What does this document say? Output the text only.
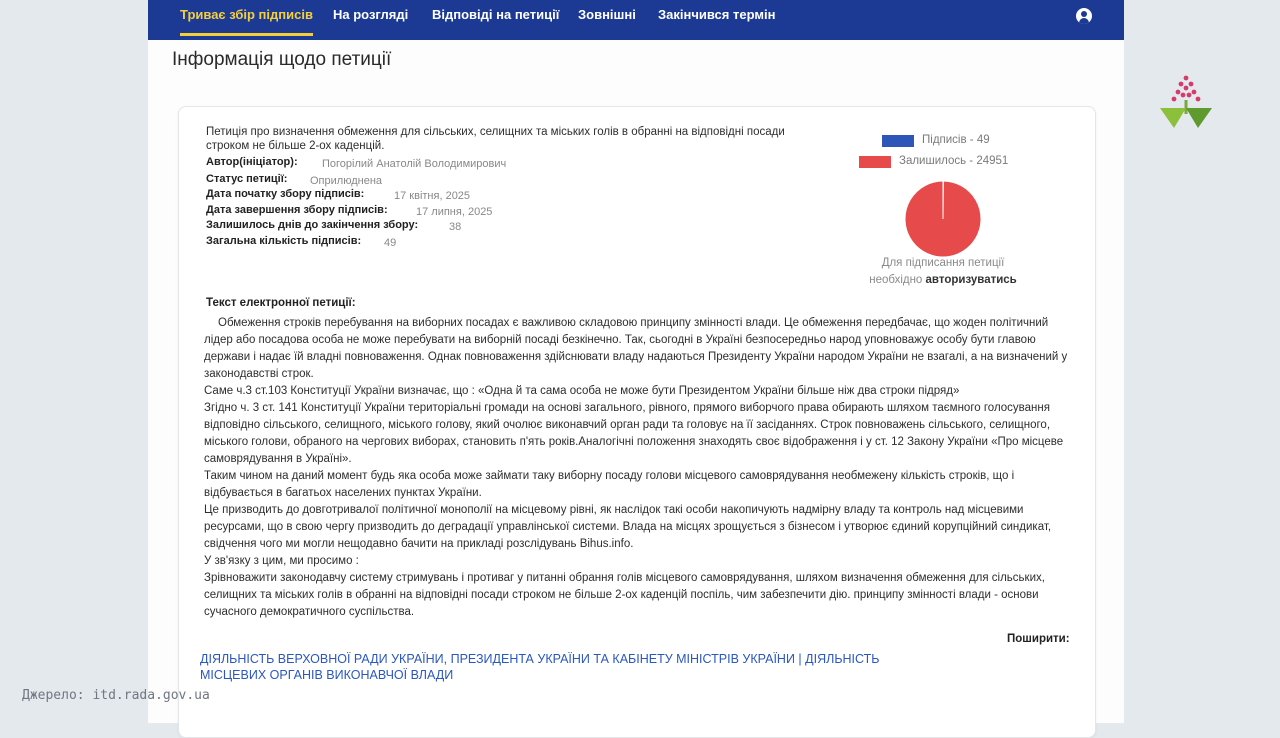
Триває збір підписів На розгляді Відповіді на петиції Зовнішні Закінчився термін
Інформація щодо петиції
Петиція про визначення обмеження для сільських, селищних та міських голів в обранні на відповідні посади строком не більше 2-ох каденцій.
Автор(ініціатор): Погорілий Анатолій Володимирович
Статус петиції: Оприлюднена
Дата початку збору підписів:	17 квітня, 2025
Дата завершення збору підписів:	17 липня, 2025
Залишилось днів до закінчення збору:	38
Загальна кількість підписів: 49
Підписів - 49
Залишилось - 24951
Для підписання петиції необхідно авторизуватись
Текст електронної петиції:

Обмеження строків перебування на виборних посадах є важливою складовою принципу змінності влади. Це обмеження передбачає, що жоден політичний лідер або посадова особа не може перебувати на виборній посаді безкінечно. Так, сьогодні в Україні безпосередньо народ уповноважує особу бути главою держави і надає їй владні повноваження. Однак повноваження здійснювати владу надаються Президенту України народом України не взагалі, а на визначений у законодавстві строк.

Саме ч.3 ст.103 Конституції України визначає, що : «Одна й та сама особа не може бути Президентом України більше ніж два строки підряд»

Згідно ч. 3 ст. 141 Конституції України територіальні громади на основі загального, рівного, прямого виборчого права обирають шляхом таємного голосування відповідно сільського, селищного, міського голову, який очолює виконавчий орган ради та головує на її засіданнях. Строк повноважень сільського, селищного, міського голови, обраного на чергових виборах, становить п'ять років.Аналогічні положення знаходять своє відображення і у ст. 12 Закону України «Про місцеве самоврядування в Україні».

Таким чином на даний момент будь яка особа може займати таку виборну посаду голови місцевого самоврядування необмежену кількість строків, що і відбувається в багатьох населених пунктах України.

Це призводить до довготривалої політичної монополії на місцевому рівні, як наслідок такі особи накопичують надмірну владу та контроль над місцевими ресурсами, що в свою чергу призводить до деградації управлінської системи. Влада на місцях зрощується з бізнесом і утворює єдиний корупційний синдикат, свідчення чого ми могли нещодавно бачити на прикладі розслідувань Bihus.info.

У зв'язку з цим, ми просимо :

Зрівноважити законодавчу систему стримувань і противаг у питанні обрання голів місцевого самоврядування, шляхом визначення обмеження для сільських, селищних та міських голів в обранні на відповідні посади строком не більше 2-ох каденцій поспіль, чим забезпечити дію. принципу змінності влади - основи сучасного демократичного суспільства.

Поширити:
ДІЯЛЬНІСТЬ ВЕРХОВНОЇ РАДИ УКРАЇНИ, ПРЕЗИДЕНТА УКРАЇНИ ТА КАБІНЕТУ МІНІСТРІВ УКРАЇНИ | ДІЯЛЬНІСТЬ МІСЦЕВИХ ОРГАНІВ ВИКОНАВЧОЇ ВЛАДИ
Джерело: itd.rada.gov.ua
